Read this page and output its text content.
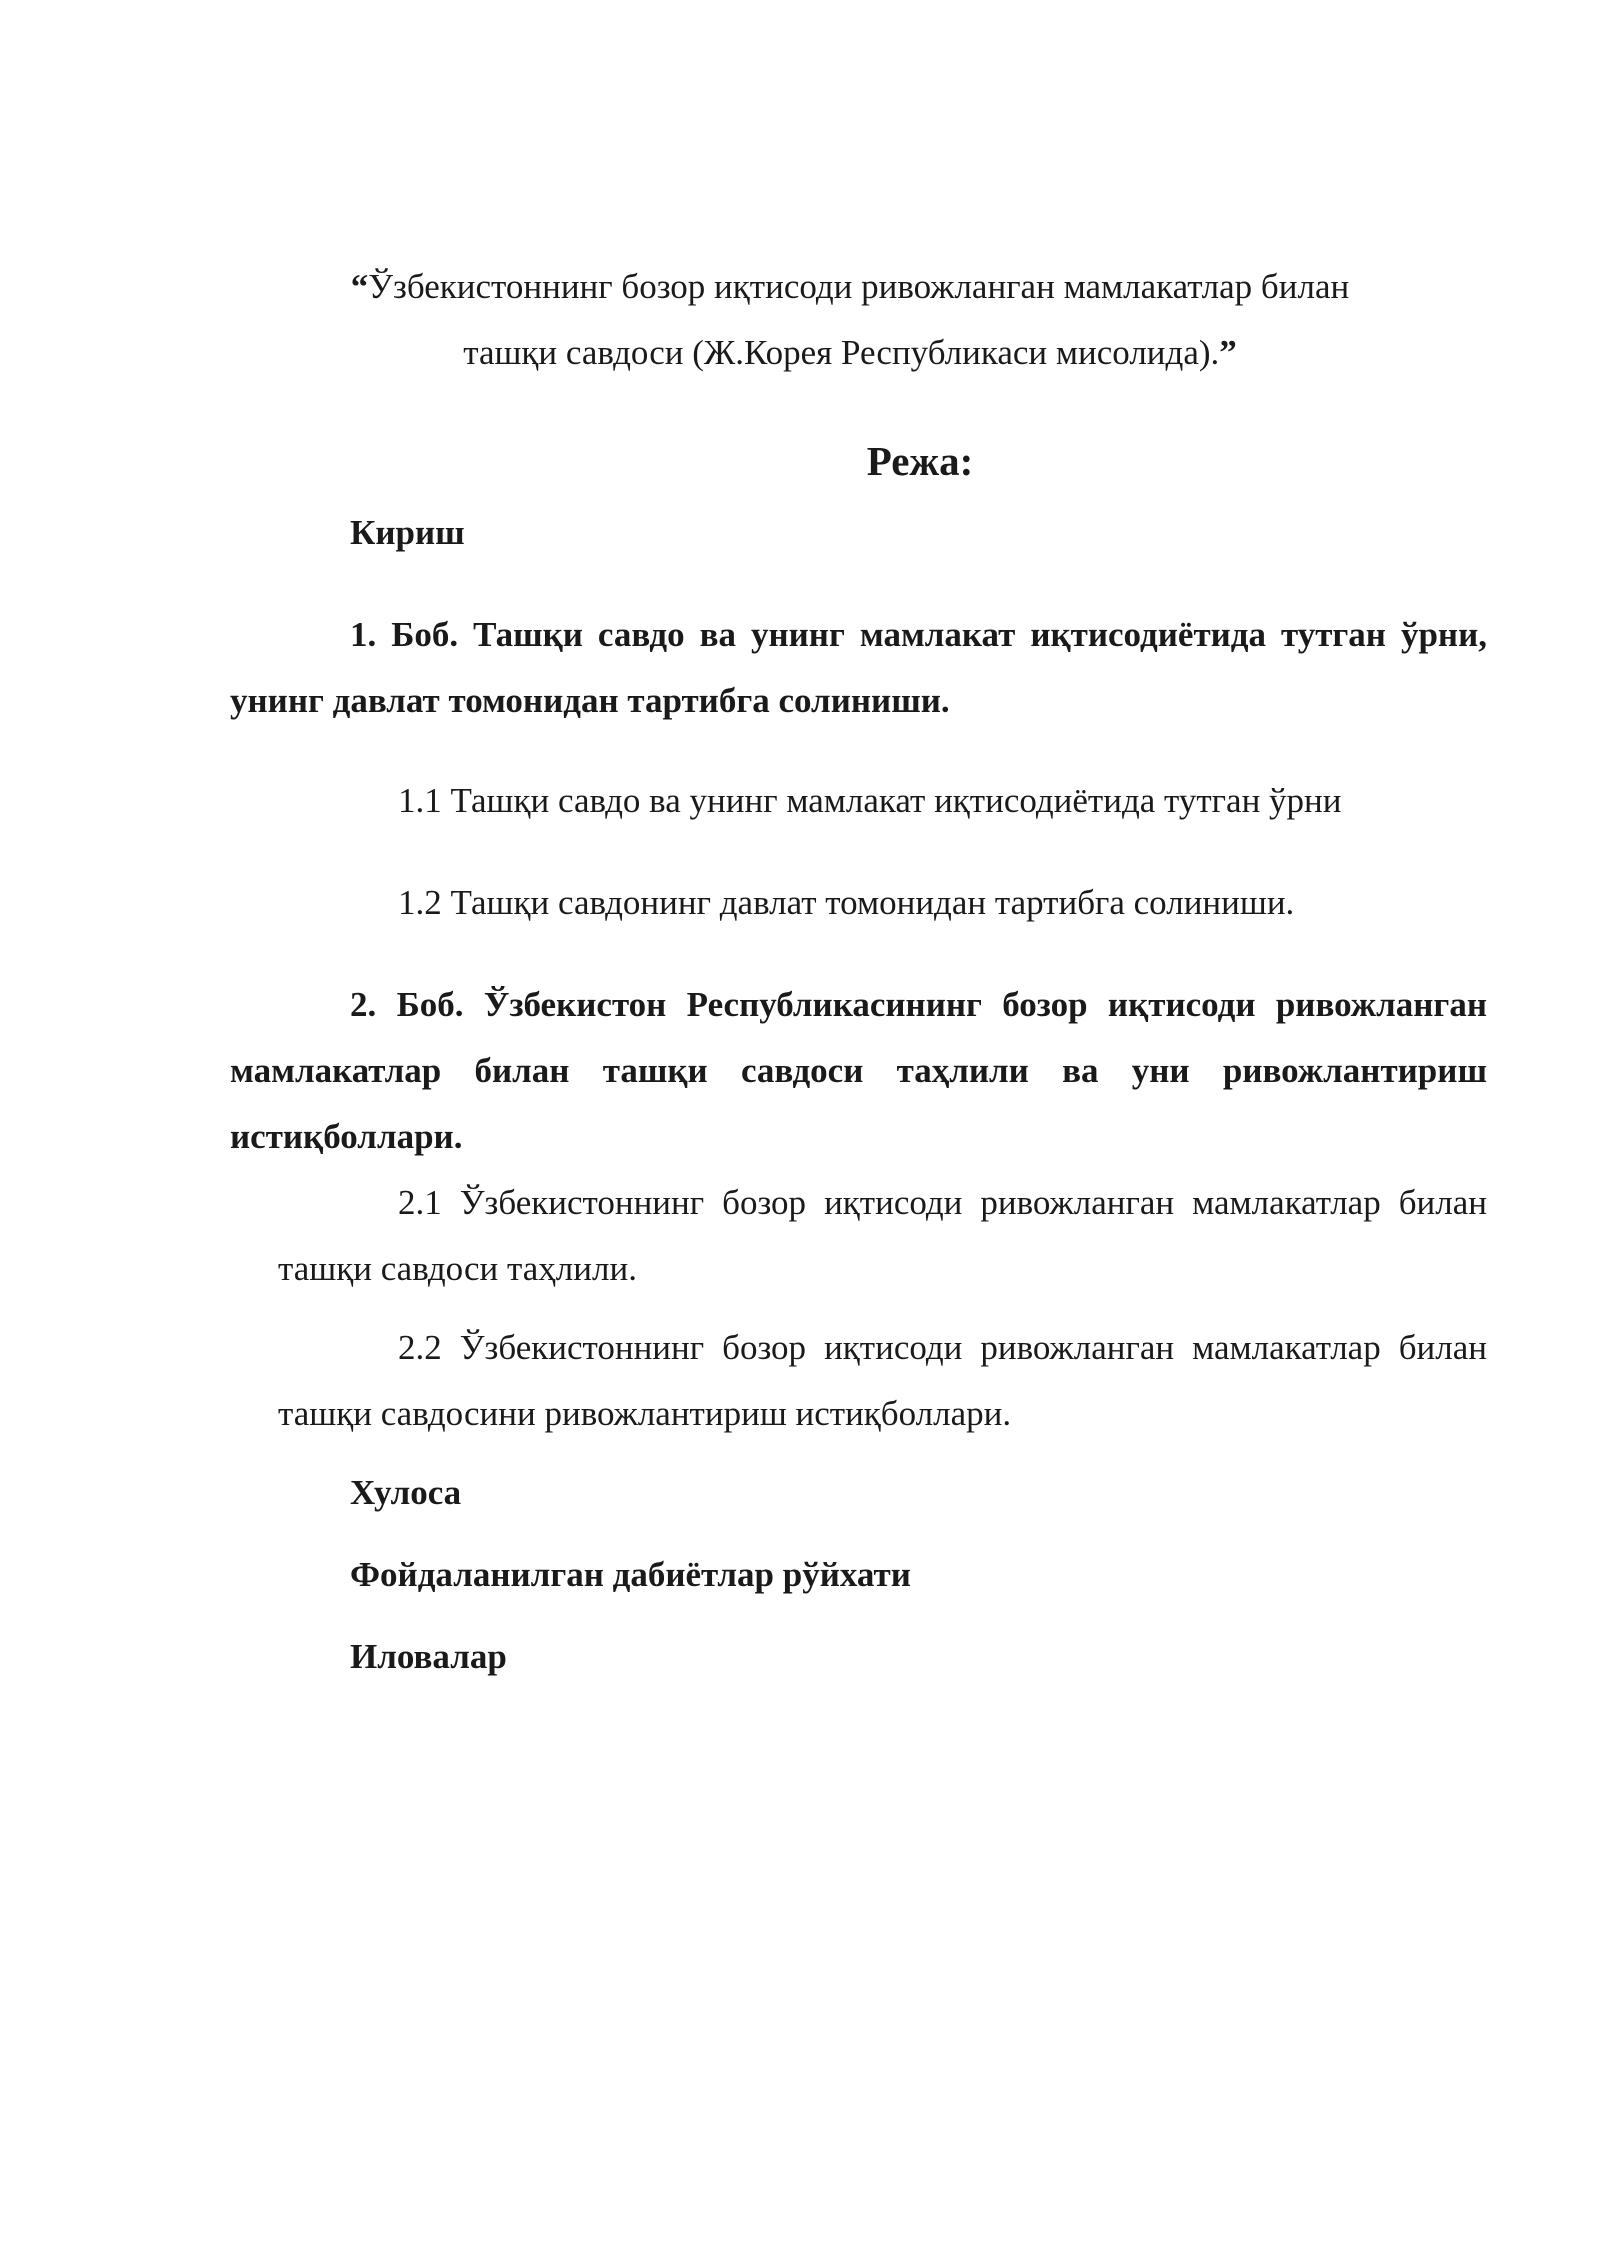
“Ўзбекистоннинг бозор иқтисоди ривожланган мамлакатлар билан
ташқи савдоси (Ж.Корея Республикаси мисолида).”
Режа:
Кириш
1. Боб. Ташқи савдо ва унинг мамлакат иқтисодиётида тутган ўрни, унинг давлат томонидан тартибга солиниши.
1.1 Ташқи савдо ва унинг мамлакат иқтисодиётида тутган ўрни
1.2 Ташқи савдонинг давлат томонидан тартибга солиниши.
2. Боб. Ўзбекистон Республикасининг бозор иқтисоди ривожланган мамлакатлар билан ташқи савдоси таҳлили ва уни ривожлантириш истиқболлари.
2.1 Ўзбекистоннинг бозор иқтисоди ривожланган мамлакатлар билан ташқи савдоси таҳлили.
2.2 Ўзбекистоннинг бозор иқтисоди ривожланган мамлакатлар билан ташқи савдосини ривожлантириш истиқболлари.
Хулоса
Фойдаланилган дабиётлар рўйхати
Иловалар
